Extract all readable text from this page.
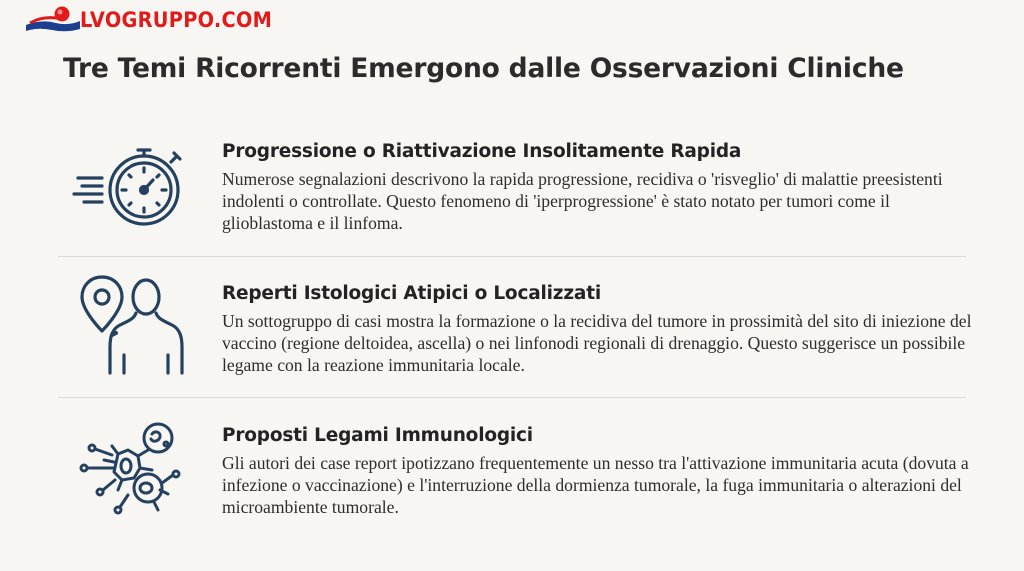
LVOGRUPPO.COM
Tre Temi Ricorrenti Emergono dalle Osservazioni Cliniche
Progressione o Riattivazione Insolitamente Rapida
Numerose segnalazioni descrivono la rapida progressione, recidiva o 'risveglio' di malattie preesistenti indolenti o controllate. Questo fenomeno di 'iperprogressione' è stato notato per tumori come il glioblastoma e il linfoma.
Reperti Istologici Atipici o Localizzati
Un sottogruppo di casi mostra la formazione o la recidiva del tumore in prossimità del sito di iniezione del vaccino (regione deltoidea, ascella) o nei linfonodi regionali di drenaggio. Questo suggerisce un possibile legame con la reazione immunitaria locale.
Proposti Legami Immunologici
Gli autori dei case report ipotizzano frequentemente un nesso tra l'attivazione immunitaria acuta (dovuta a infezione o vaccinazione) e l'interruzione della dormienza tumorale, la fuga immunitaria o alterazioni del microambiente tumorale.
